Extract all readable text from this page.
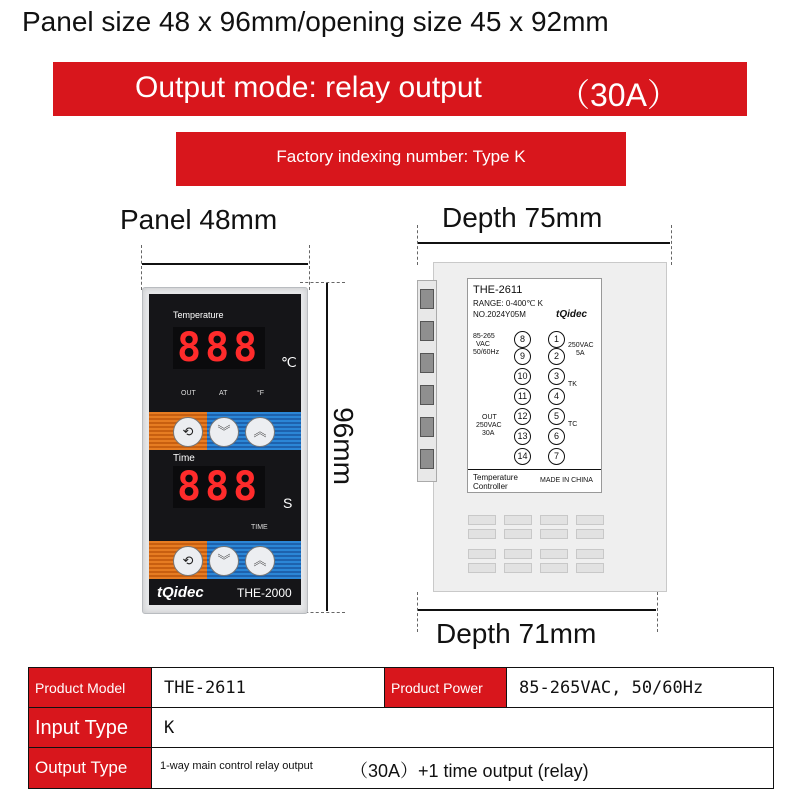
Panel size 48 x 96mm/opening size 45 x 92mm
Output mode: relay output （30A）
Factory indexing number: Type K
Panel 48mm
96mm
Temperature
888 ℃
OUT	AT	°F
⟲	︾	︽
Time
888 S
TIME
⟲	︾	︽
tQidec	THE-2000
Depth 75mm
Depth 71mm
THE-2611
RANGE: 0-400℃ K
NO.2024Y05M	tQidec
85-265
VAC
50/60Hz
250VAC
5A
TK
OUT
250VAC
30A
TC
Temperature
Controller
MADE IN CHINA
8
9
10
11
12
13
14
1
2
3
4
5
6
7
Product Model	THE-2611	Product Power	85-265VAC, 50/60Hz
Input Type	K
Output Type	1-way main control relay output （30A）+1 time output (relay)
